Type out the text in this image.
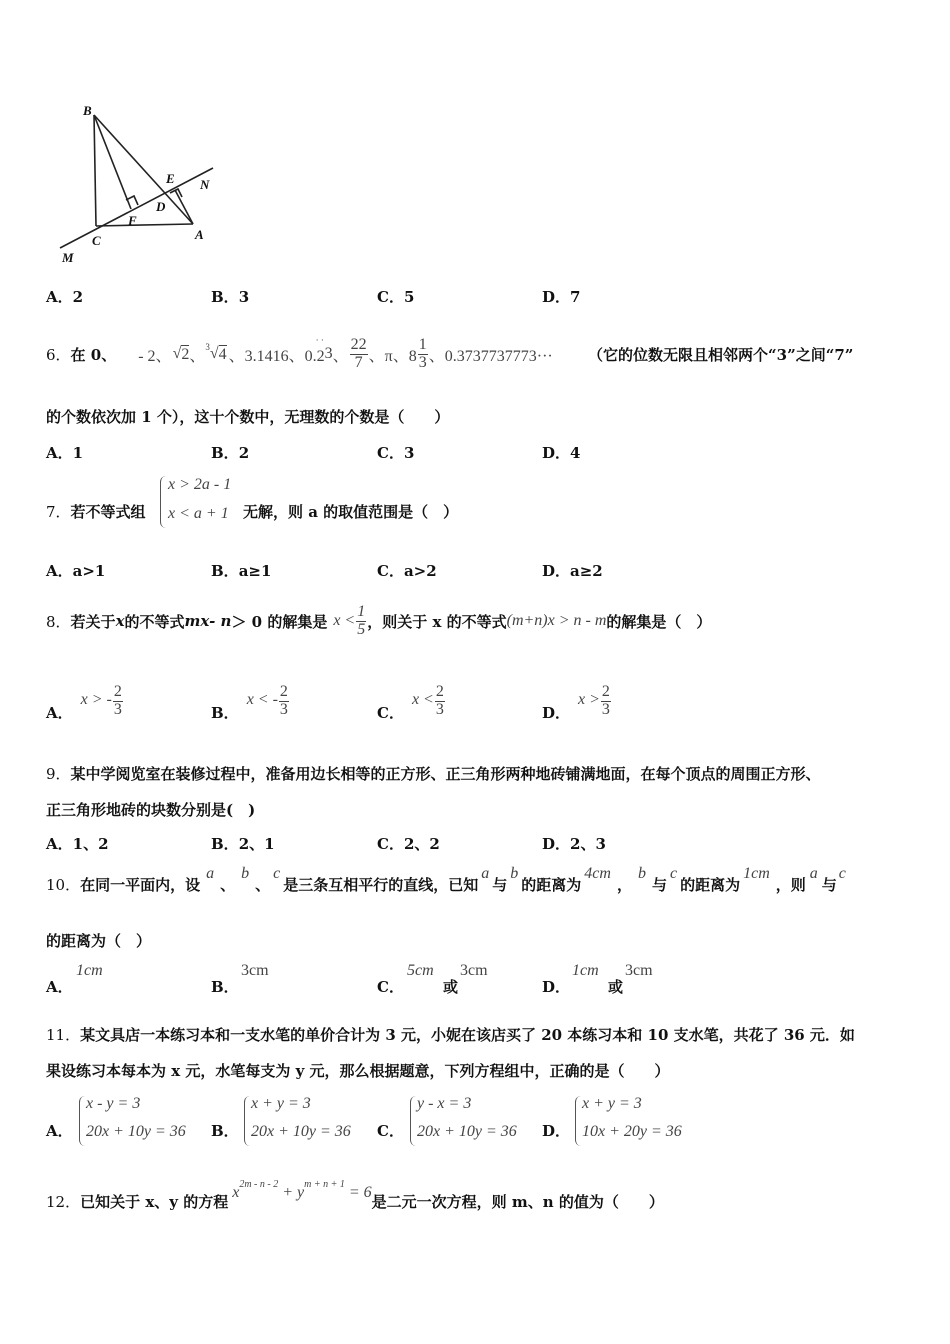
B
E N
D
F
C	A
M
A．2	B．3	C．5	D．7
6． 在 0、 - 2、 √ 2 、
3 √ 4 、3.1416、0.2
· ·
3 、 $\frac{22}{7}$ 、π、$8 \frac{1}{3}$ 、0.3737737773··· （它的位数无限且相邻两个“3”之间“7”
的个数依次加 1 个），这十个数中，无理数的个数是（　　）
A．1	B．2	C．3	D．4
7．若不等式组
x > 2a - 1
x < a + 1 无解，则 a 的取值范围是（　）
A．a>1	B．a≥1	C．a>2	D．a≥2
8． 若关于 x 的不等式 mx- n ＞ 0 的解集是 $x < \frac{1}{5}$ ，则关于 x 的不等式 (m+n)x > n - m 的解集是（　）
A．
x > - $\frac{2}{3}$	B．
x < - $\frac{2}{3}$	C．
$x < \frac{2}{3}$	D．
$x > \frac{2}{3}$
9．某中学阅览室在装修过程中，准备用边长相等的正方形、正三角形两种地砖铺满地面，在每个顶点的周围正方形、
正三角形地砖的块数分别是(　)
A．1、2	B．2、1	C．2、2	D．2、3
10． 在同一平面内，设
a
、
b
、
c
是三条互相平行的直线，已知
a
与
b
的距离为
4cm
，
b
与
c
的距离为
1cm
，则
a
与
c
的距离为（　）
A．
1cm
B．
3cm
C．
5cm
或
3cm
D．
1cm
或
3cm
11．某文具店一本练习本和一支水笔的单价合计为 3 元，小妮在该店买了 20 本练习本和 10 支水笔，共花了 36 元．如
果设练习本每本为 x 元，水笔每支为 y 元，那么根据题意，下列方程组中，正确的是（　　）
A．
x - y = 3
20x + 10y = 36 B．
x + y = 3
20x + 10y = 36 C．
y - x = 3
20x + 10y = 36 D．
x + y = 3
10x + 20y = 36
12． 已知关于 x、y 的方程
$x^{2m - n - 2} + y^{m + n + 1} = 6$
是二元一次方程，则 m、n 的值为（　　）
